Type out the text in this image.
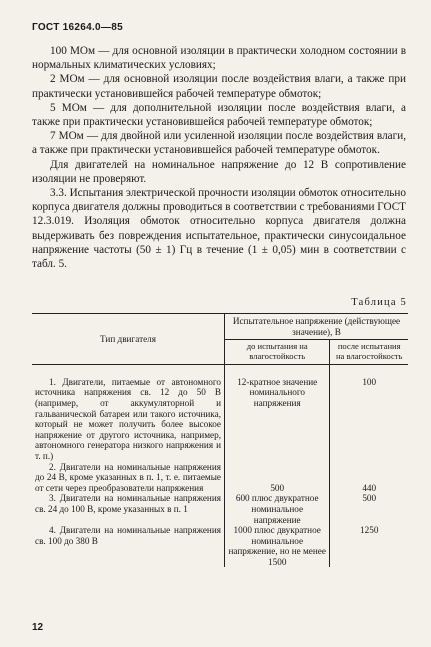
ГОСТ 16264.0—85

100 МОм — для основной изоляции в практически холодном состоянии в нормальных климатических условиях;

2 МОм — для основной изоляции после воздействия влаги, а также при практически установившейся рабочей температуре обмоток;

5 МОм — для дополнительной изоляции после воздействия влаги, а также при практически установившейся рабочей температуре обмоток;

7 МОм — для двойной или усиленной изоляции после воздействия влаги, а также при практически установившейся рабочей температуре обмоток.

Для двигателей на номинальное напряжение до 12 В сопротивление изоляции не проверяют.

3.3. Испытания электрической прочности изоляции обмоток относительно корпуса двигателя должны проводиться в соответствии с требованиями ГОСТ 12.3.019. Изоляция обмоток относительно корпуса двигателя должна выдерживать без повреждения испытательное, практически синусоидальное напряжение частоты (50 ± 1) Гц в течение (1 ± 0,05) мин в соответствии с табл. 5.

Таблица 5
Тип двигателя	Испытательное напряжение (действующее значение), В	
	до испытания на влагостойкость	после испытания на влагостойкость

1. Двигатели, питаемые от автономного источника напряжения св. 12 до 50 В (например, от аккумуляторной и гальванической батареи или такого источника, который не может получить более высокое напряжение от другого источника, например, автономного генератора низкого напряжения и т. п.)	12-кратное значение номинального напряжения	100

2. Двигатели на номинальные напряжения до 24 В, кроме указанных в п. 1, т. е. питаемые от сети через преобразователи напряжения	500	440

3. Двигатели на номинальные напряжения св. 24 до 100 В, кроме указанных в п. 1	600 плюс двукратное номинальное напряжение	500

4. Двигатели на номинальные напряжения св. 100 до 380 В	1000 плюс двукратное номинальное напряжение, но не менее 1500	1250
12
